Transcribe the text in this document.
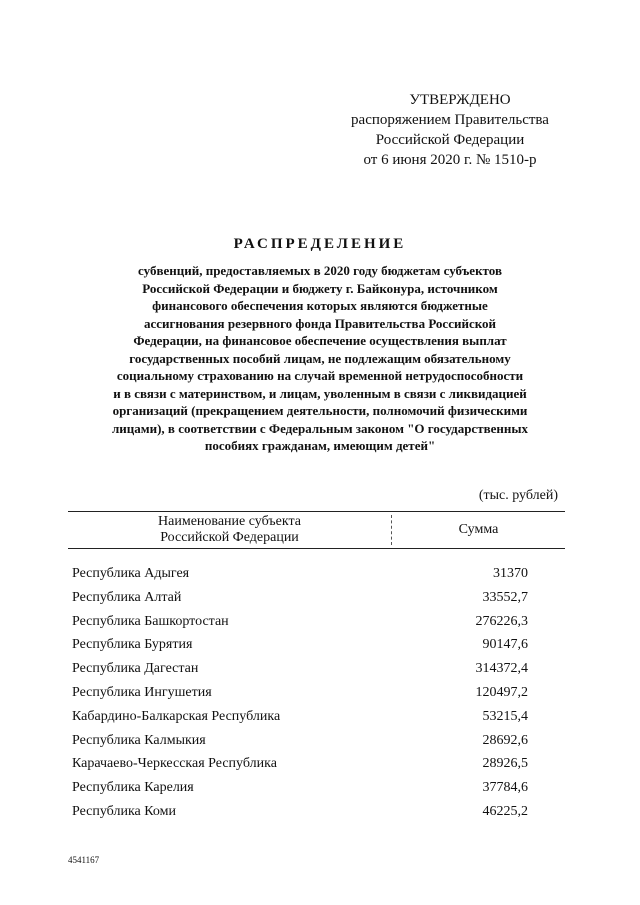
УТВЕРЖДЕНО
распоряжением Правительства
Российской Федерации
от 6 июня 2020 г. № 1510-р
РАСПРЕДЕЛЕНИЕ
субвенций, предоставляемых в 2020 году бюджетам субъектов
Российской Федерации и бюджету г. Байконура, источником
финансового обеспечения которых являются бюджетные
ассигнования резервного фонда Правительства Российской
Федерации, на финансовое обеспечение осуществления выплат
государственных пособий лицам, не подлежащим обязательному
социальному страхованию на случай временной нетрудоспособности
и в связи с материнством, и лицам, уволенным в связи с ликвидацией
организаций (прекращением деятельности, полномочий физическими
лицами), в соответствии с Федеральным законом "О государственных
пособиях гражданам, имеющим детей"
(тыс. рублей)
Наименование субъекта
Российской Федерации
Сумма
Республика Адыгея	31370
Республика Алтай	33552,7
Республика Башкортостан	276226,3
Республика Бурятия	90147,6
Республика Дагестан	314372,4
Республика Ингушетия	120497,2
Кабардино-Балкарская Республика	53215,4
Республика Калмыкия	28692,6
Карачаево-Черкесская Республика	28926,5
Республика Карелия	37784,6
Республика Коми	46225,2
4541167
